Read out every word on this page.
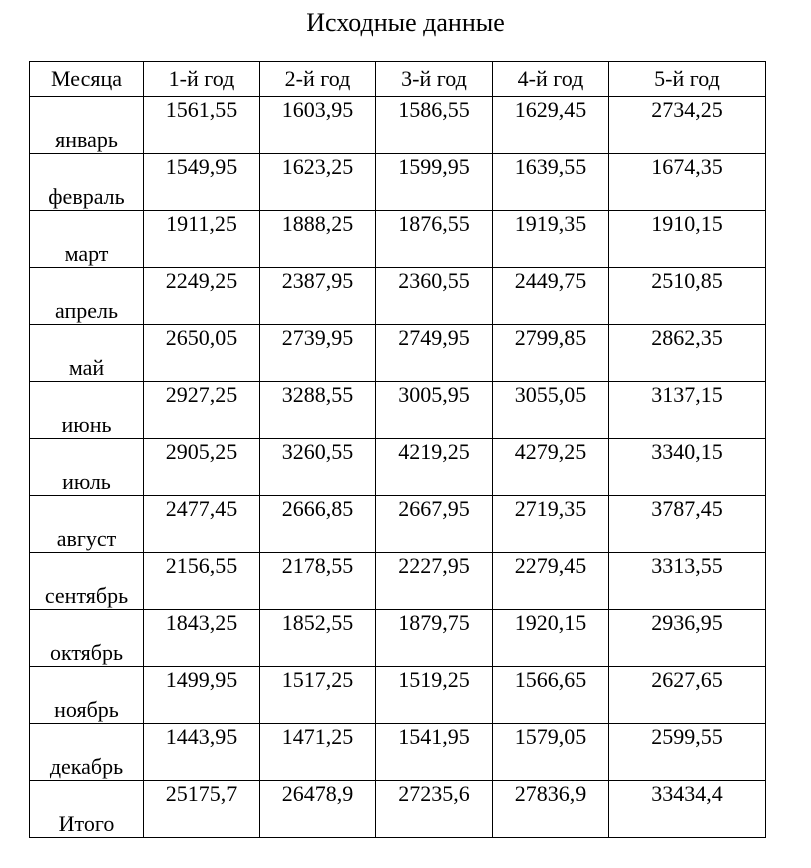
Исходные данные
Месяца	1-й год	2-й год	3-й год	4-й год	5-й год
январь	1561,55	1603,95	1586,55	1629,45	2734,25
февраль	1549,95	1623,25	1599,95	1639,55	1674,35
март	1911,25	1888,25	1876,55	1919,35	1910,15
апрель	2249,25	2387,95	2360,55	2449,75	2510,85
май	2650,05	2739,95	2749,95	2799,85	2862,35
июнь	2927,25	3288,55	3005,95	3055,05	3137,15
июль	2905,25	3260,55	4219,25	4279,25	3340,15
август	2477,45	2666,85	2667,95	2719,35	3787,45
сентябрь	2156,55	2178,55	2227,95	2279,45	3313,55
октябрь	1843,25	1852,55	1879,75	1920,15	2936,95
ноябрь	1499,95	1517,25	1519,25	1566,65	2627,65
декабрь	1443,95	1471,25	1541,95	1579,05	2599,55
Итого	25175,7	26478,9	27235,6	27836,9	33434,4
